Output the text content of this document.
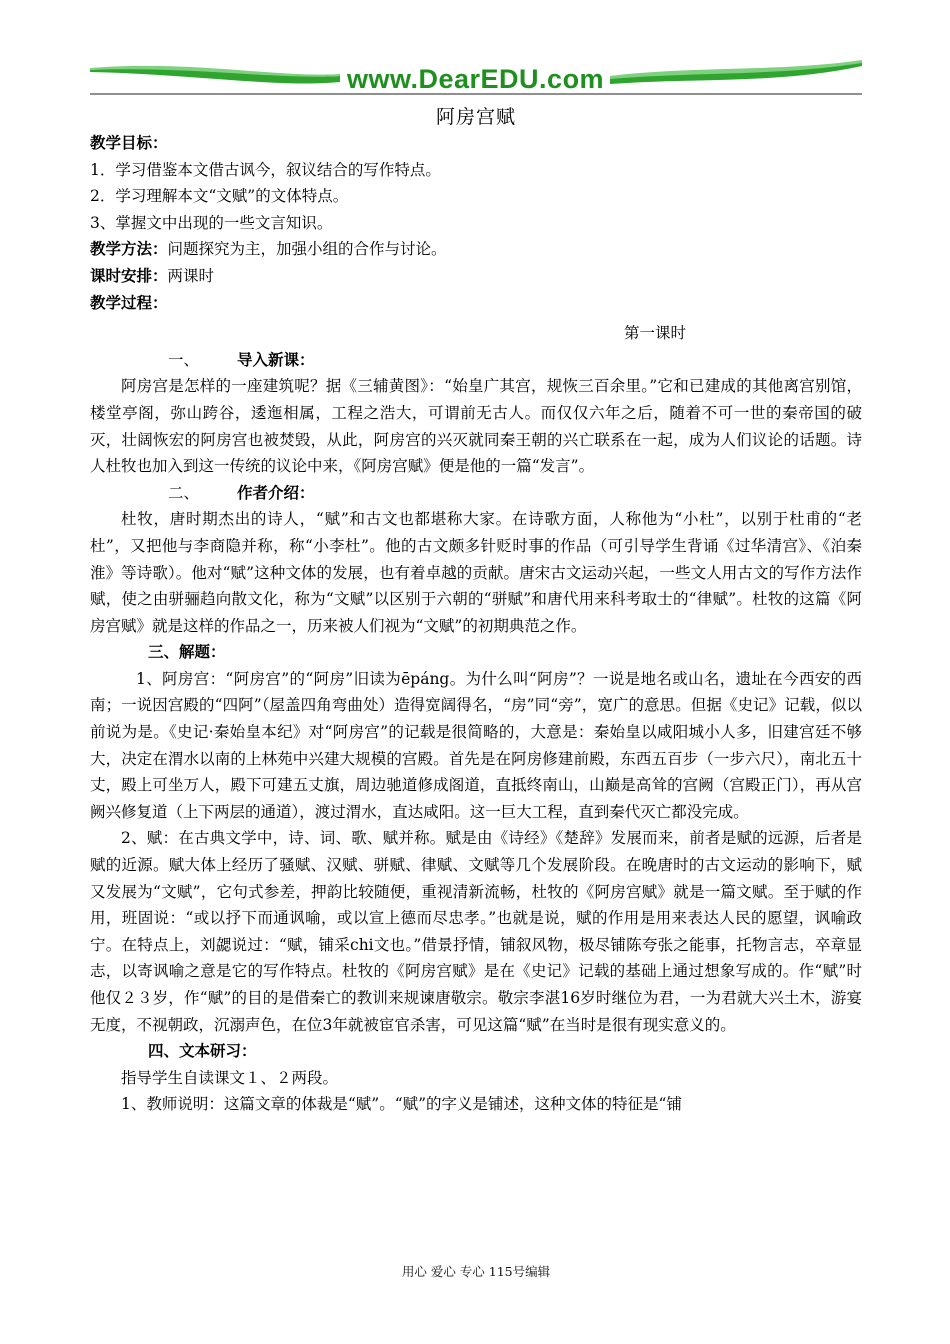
www.DearEDU.com
阿房宫赋

教学目标：

1．学习借鉴本文借古讽今，叙议结合的写作特点。

2．学习理解本文“文赋”的文体特点。

3、掌握文中出现的一些文言知识。

教学方法：问题探究为主，加强小组的合作与讨论。

课时安排：两课时

教学过程：

第一课时

一、 导入新课：

阿房宫是怎样的一座建筑呢？据《三辅黄图》：“始皇广其宫，规恢三百余里。”它和已建成的其他离宫别馆，楼堂亭阁，弥山跨谷，逶迤相属，工程之浩大，可谓前无古人。而仅仅六年之后，随着不可一世的秦帝国的破灭，壮阔恢宏的阿房宫也被焚毁，从此，阿房宫的兴灭就同秦王朝的兴亡联系在一起，成为人们议论的话题。诗人杜牧也加入到这一传统的议论中来，《阿房宫赋》便是他的一篇“发言”。

二、 作者介绍：

杜牧，唐时期杰出的诗人，“赋”和古文也都堪称大家。在诗歌方面，人称他为“小杜”，以别于杜甫的“老杜”，又把他与李商隐并称，称“小李杜”。他的古文颇多针贬时事的作品（可引导学生背诵《过华清宫》、《泊秦淮》等诗歌）。他对“赋”这种文体的发展，也有着卓越的贡献。唐宋古文运动兴起，一些文人用古文的写作方法作赋，使之由骈骊趋向散文化，称为“文赋”以区别于六朝的“骈赋”和唐代用来科考取士的“律赋”。杜牧的这篇《阿房宫赋》就是这样的作品之一，历来被人们视为“文赋”的初期典范之作。

三、解题：

1、阿房宫：“阿房宫”的“阿房”旧读为ēpáng。为什么叫“阿房”？一说是地名或山名，遗址在今西安的西南；一说因宫殿的“四阿”（屋盖四角弯曲处）造得宽阔得名，“房”同“旁”，宽广的意思。但据《史记》记载，似以前说为是。《史记·秦始皇本纪》对“阿房宫”的记载是很简略的，大意是：秦始皇以咸阳城小人多，旧建宫廷不够大，决定在渭水以南的上林苑中兴建大规模的宫殿。首先是在阿房修建前殿，东西五百步（一步六尺），南北五十丈，殿上可坐万人，殿下可建五丈旗，周边驰道修成阁道，直抵终南山，山巅是高耸的宫阙（宫殿正门），再从宫阙兴修复道（上下两层的通道），渡过渭水，直达咸阳。这一巨大工程，直到秦代灭亡都没完成。

2、赋：在古典文学中，诗、词、歌、赋并称。赋是由《诗经》《楚辞》发展而来，前者是赋的远源，后者是赋的近源。赋大体上经历了骚赋、汉赋、骈赋、律赋、文赋等几个发展阶段。在晚唐时的古文运动的影响下，赋又发展为“文赋”，它句式参差，押韵比较随便，重视清新流畅，杜牧的《阿房宫赋》就是一篇文赋。至于赋的作用，班固说：“或以抒下而通讽喻，或以宣上德而尽忠孝。”也就是说，赋的作用是用来表达人民的愿望，讽喻政宁。在特点上，刘勰说过：“赋，铺采chi文也。”借景抒情，铺叙风物，极尽铺陈夸张之能事，托物言志，卒章显志，以寄讽喻之意是它的写作特点。杜牧的《阿房宫赋》是在《史记》记载的基础上通过想象写成的。作“赋”时他仅２３岁，作“赋”的目的是借秦亡的教训来规谏唐敬宗。敬宗李湛16岁时继位为君，一为君就大兴土木，游宴无度，不视朝政，沉溺声色，在位3年就被宦官杀害，可见这篇“赋”在当时是很有现实意义的。

四、文本研习：

指导学生自读课文１、２两段。

1、教师说明：这篇文章的体裁是“赋”。“赋”的字义是铺述，这种文体的特征是“铺

用心 爱心 专心 115号编辑
